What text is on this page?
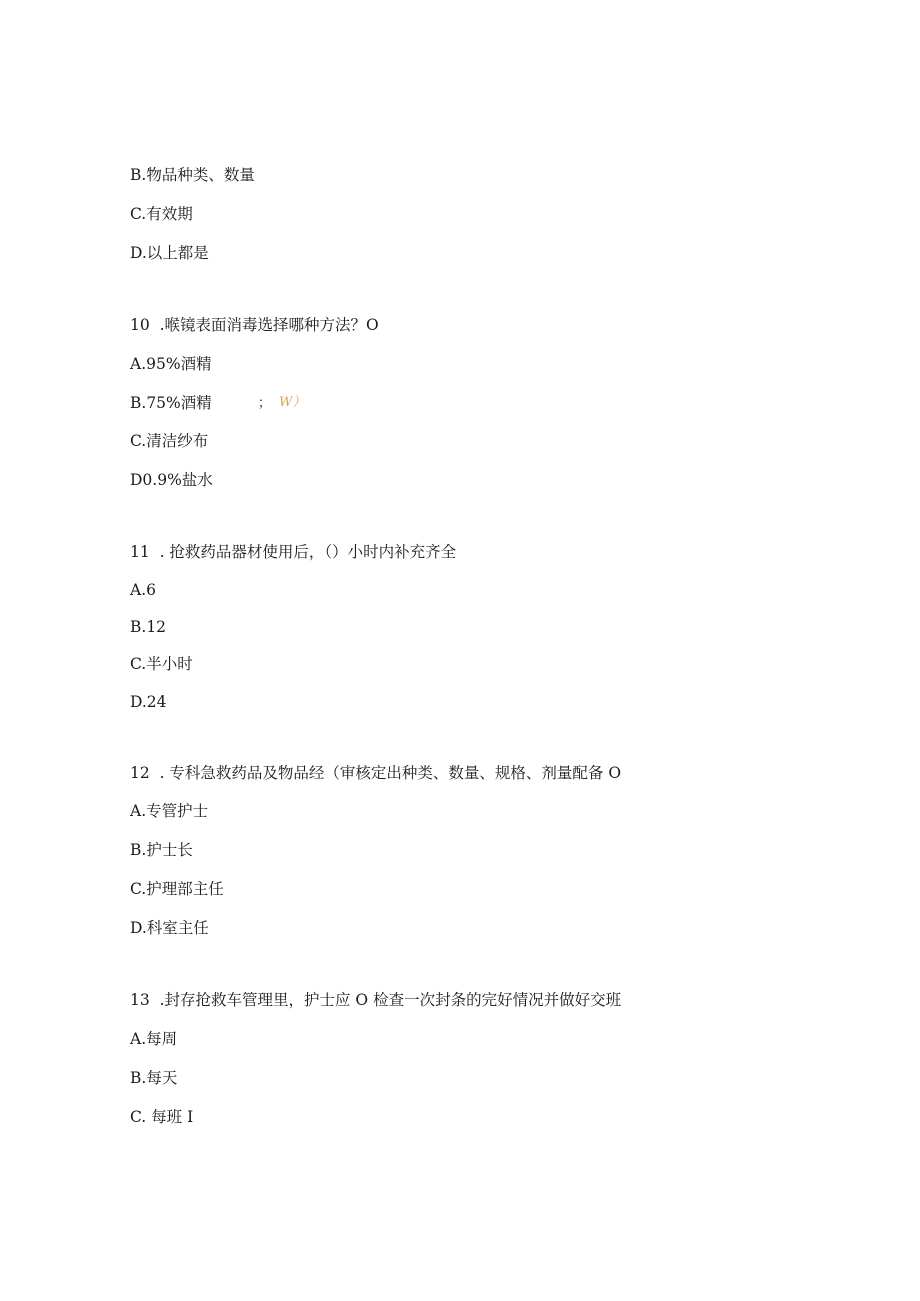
B.物品种类、数量
C.有效期
D.以上都是
10  .喉镜表面消毒选择哪种方法？O
A.95%酒精
B.75%酒精	； W）
C.清洁纱布
D0.9%盐水
11  . 抢救药品器材使用后，（）小时内补充齐全
A.6
B.12
C.半小时
D.24
12  . 专科急救药品及物品经（审核定出种类、数量、规格、剂量配备 O
A.专管护士
B.护士长
C.护理部主任
D.科室主任
13  .封存抢救车管理里，护士应 O 检查一次封条的完好情况并做好交班
A.每周
B.每天
C. 每班 I
